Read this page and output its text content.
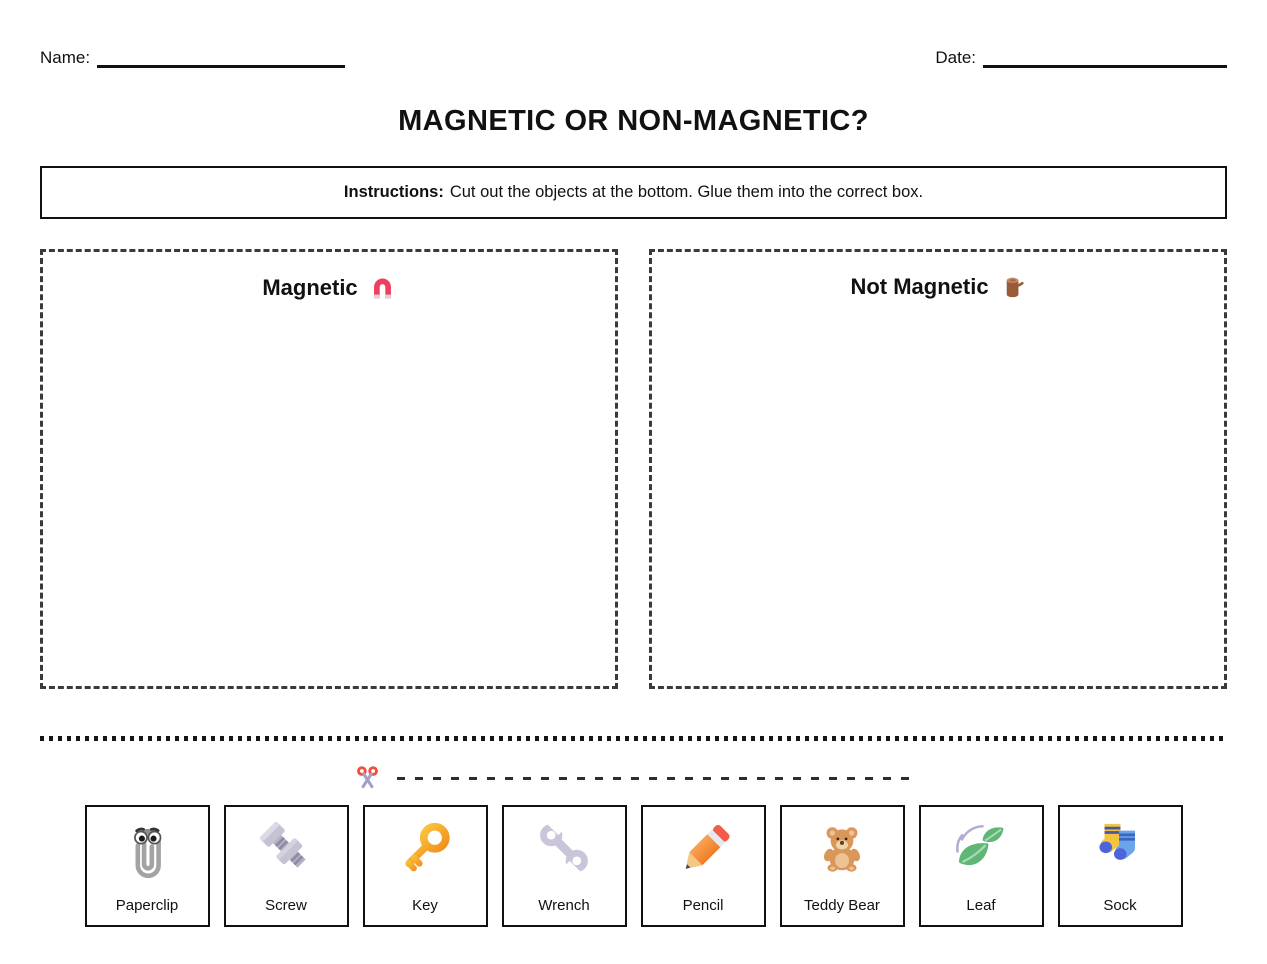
Name:	Date:
MAGNETIC OR NON-MAGNETIC?
Instructions: Cut out the objects at the bottom. Glue them into the correct box.
Magnetic	Not Magnetic
Paperclip	Screw	Key	Wrench	Pencil	Teddy Bear	Leaf	Sock
